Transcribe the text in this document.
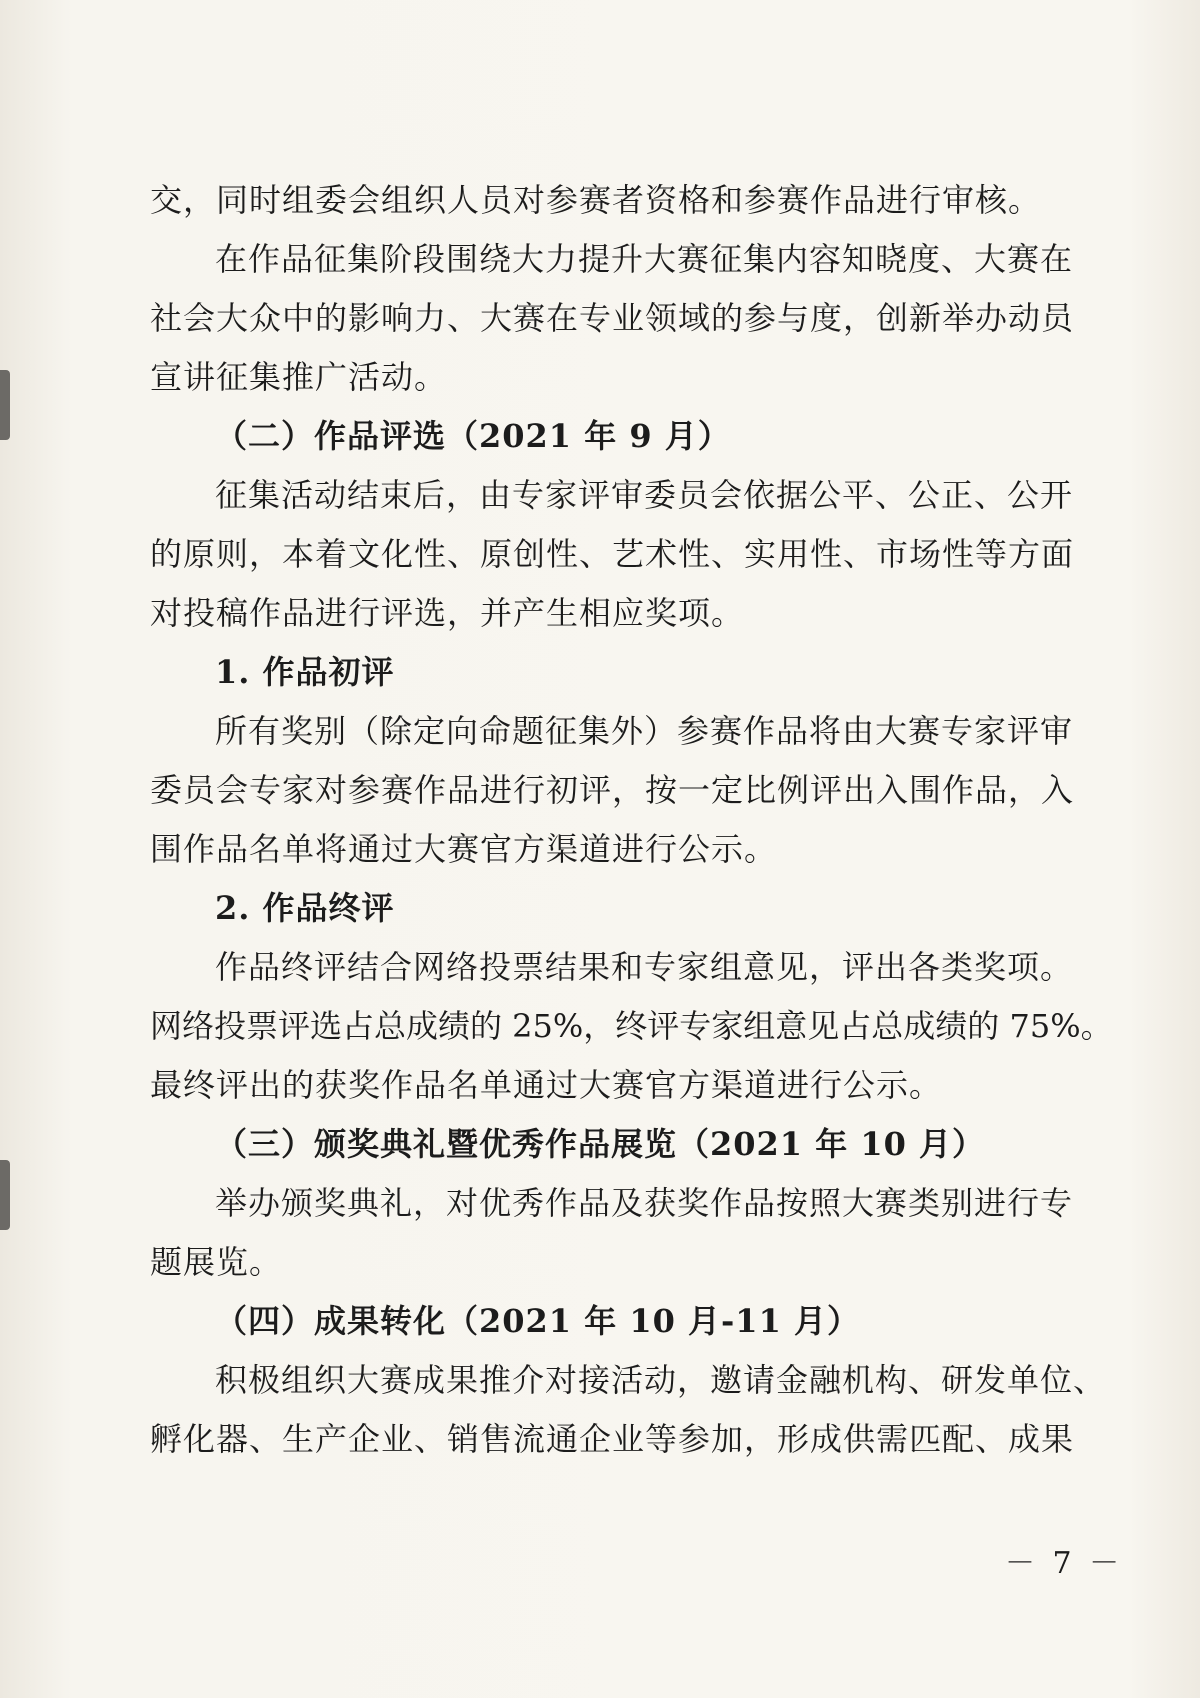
交，同时组委会组织人员对参赛者资格和参赛作品进行审核。
在作品征集阶段围绕大力提升大赛征集内容知晓度、大赛在
社会大众中的影响力、大赛在专业领域的参与度，创新举办动员
宣讲征集推广活动。
（二）作品评选（2021 年 9 月）
征集活动结束后，由专家评审委员会依据公平、公正、公开
的原则，本着文化性、原创性、艺术性、实用性、市场性等方面
对投稿作品进行评选，并产生相应奖项。
1. 作品初评
所有奖别（除定向命题征集外）参赛作品将由大赛专家评审
委员会专家对参赛作品进行初评，按一定比例评出入围作品，入
围作品名单将通过大赛官方渠道进行公示。
2. 作品终评
作品终评结合网络投票结果和专家组意见，评出各类奖项。
网络投票评选占总成绩的 25%，终评专家组意见占总成绩的 75%。
最终评出的获奖作品名单通过大赛官方渠道进行公示。
（三）颁奖典礼暨优秀作品展览（2021 年 10 月）
举办颁奖典礼，对优秀作品及获奖作品按照大赛类别进行专
题展览。
（四）成果转化（2021 年 10 月-11 月）
积极组织大赛成果推介对接活动，邀请金融机构、研发单位、
孵化器、生产企业、销售流通企业等参加，形成供需匹配、成果
－ 7 －
